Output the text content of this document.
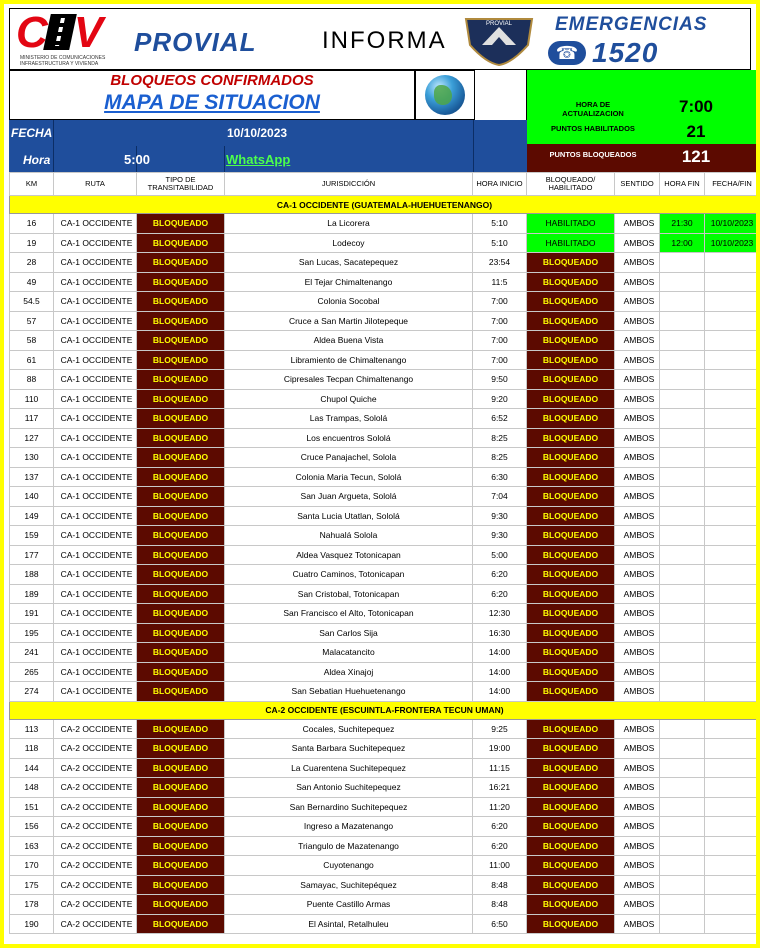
C V
MINISTERIO DE COMUNICACIONES INFRAESTRUCTURA Y VIVIENDA
PROVIAL	INFORMA
PROVIAL EMERGENCIAS
☎ 1520
BLOQUEOS CONFIRMADOS
MAPA DE SITUACION	HORA DE ACTUALIZACION	7:00
PUNTOS HABILITADOS	21
PUNTOS BLOQUEADOS	121
FECHA	10/10/2023
Hora	5:00	WhatsApp
KM	RUTA	TIPO DE TRANSITABILIDAD	JURISDICCIÓN	HORA INICIO	BLOQUEADO/ HABILITADO	SENTIDO	HORA FIN	FECHA/FIN
CA-1 OCCIDENTE (GUATEMALA-HUEHUETENANGO)								
16	CA-1 OCCIDENTE	BLOQUEADO	La Licorera	5:10	HABILITADO	AMBOS	21:30	10/10/2023
19	CA-1 OCCIDENTE	BLOQUEADO	Lodecoy	5:10	HABILITADO	AMBOS	12:00	10/10/2023
28	CA-1 OCCIDENTE	BLOQUEADO	San Lucas, Sacatepequez	23:54	BLOQUEADO	AMBOS		
49	CA-1 OCCIDENTE	BLOQUEADO	El Tejar Chimaltenango	11:5	BLOQUEADO	AMBOS		
54.5	CA-1 OCCIDENTE	BLOQUEADO	Colonia Socobal	7:00	BLOQUEADO	AMBOS		
57	CA-1 OCCIDENTE	BLOQUEADO	Cruce a San Martin Jilotepeque	7:00	BLOQUEADO	AMBOS		
58	CA-1 OCCIDENTE	BLOQUEADO	Aldea Buena Vista	7:00	BLOQUEADO	AMBOS		
61	CA-1 OCCIDENTE	BLOQUEADO	Libramiento de Chimaltenango	7:00	BLOQUEADO	AMBOS		
88	CA-1 OCCIDENTE	BLOQUEADO	Cipresales Tecpan Chimaltenango	9:50	BLOQUEADO	AMBOS		
110	CA-1 OCCIDENTE	BLOQUEADO	Chupol Quiche	9:20	BLOQUEADO	AMBOS		
117	CA-1 OCCIDENTE	BLOQUEADO	Las Trampas, Sololá	6:52	BLOQUEADO	AMBOS		
127	CA-1 OCCIDENTE	BLOQUEADO	Los encuentros Sololá	8:25	BLOQUEADO	AMBOS		
130	CA-1 OCCIDENTE	BLOQUEADO	Cruce Panajachel, Solola	8:25	BLOQUEADO	AMBOS		
137	CA-1 OCCIDENTE	BLOQUEADO	Colonia Maria Tecun, Sololá	6:30	BLOQUEADO	AMBOS		
140	CA-1 OCCIDENTE	BLOQUEADO	San Juan Argueta, Sololá	7:04	BLOQUEADO	AMBOS		
149	CA-1 OCCIDENTE	BLOQUEADO	Santa Lucia Utatlan, Sololá	9:30	BLOQUEADO	AMBOS		
159	CA-1 OCCIDENTE	BLOQUEADO	Nahualá Solola	9:30	BLOQUEADO	AMBOS		
177	CA-1 OCCIDENTE	BLOQUEADO	Aldea Vasquez Totonicapan	5:00	BLOQUEADO	AMBOS		
188	CA-1 OCCIDENTE	BLOQUEADO	Cuatro Caminos, Totonicapan	6:20	BLOQUEADO	AMBOS		
189	CA-1 OCCIDENTE	BLOQUEADO	San Cristobal, Totonicapan	6:20	BLOQUEADO	AMBOS		
191	CA-1 OCCIDENTE	BLOQUEADO	San Francisco el Alto, Totonicapan	12:30	BLOQUEADO	AMBOS		
195	CA-1 OCCIDENTE	BLOQUEADO	San Carlos Sija	16:30	BLOQUEADO	AMBOS		
241	CA-1 OCCIDENTE	BLOQUEADO	Malacatancito	14:00	BLOQUEADO	AMBOS		
265	CA-1 OCCIDENTE	BLOQUEADO	Aldea Xinajoj	14:00	BLOQUEADO	AMBOS		
274	CA-1 OCCIDENTE	BLOQUEADO	San Sebatian Huehuetenango	14:00	BLOQUEADO	AMBOS		
CA-2 OCCIDENTE (ESCUINTLA-FRONTERA TECUN UMAN)								
113	CA-2 OCCIDENTE	BLOQUEADO	Cocales, Suchitepequez	9:25	BLOQUEADO	AMBOS		
118	CA-2 OCCIDENTE	BLOQUEADO	Santa Barbara Suchitepequez	19:00	BLOQUEADO	AMBOS		
144	CA-2 OCCIDENTE	BLOQUEADO	La Cuarentena Suchitepequez	11:15	BLOQUEADO	AMBOS		
148	CA-2 OCCIDENTE	BLOQUEADO	San Antonio Suchitepequez	16:21	BLOQUEADO	AMBOS		
151	CA-2 OCCIDENTE	BLOQUEADO	San Bernardino Suchitepequez	11:20	BLOQUEADO	AMBOS		
156	CA-2 OCCIDENTE	BLOQUEADO	Ingreso a Mazatenango	6:20	BLOQUEADO	AMBOS		
163	CA-2 OCCIDENTE	BLOQUEADO	Triangulo de Mazatenango	6:20	BLOQUEADO	AMBOS		
170	CA-2 OCCIDENTE	BLOQUEADO	Cuyotenango	11:00	BLOQUEADO	AMBOS		
175	CA-2 OCCIDENTE	BLOQUEADO	Samayac, Suchitepéquez	8:48	BLOQUEADO	AMBOS		
178	CA-2 OCCIDENTE	BLOQUEADO	Puente Castillo Armas	8:48	BLOQUEADO	AMBOS		
190	CA-2 OCCIDENTE	BLOQUEADO	El Asintal, Retalhuleu	6:50	BLOQUEADO	AMBOS		
